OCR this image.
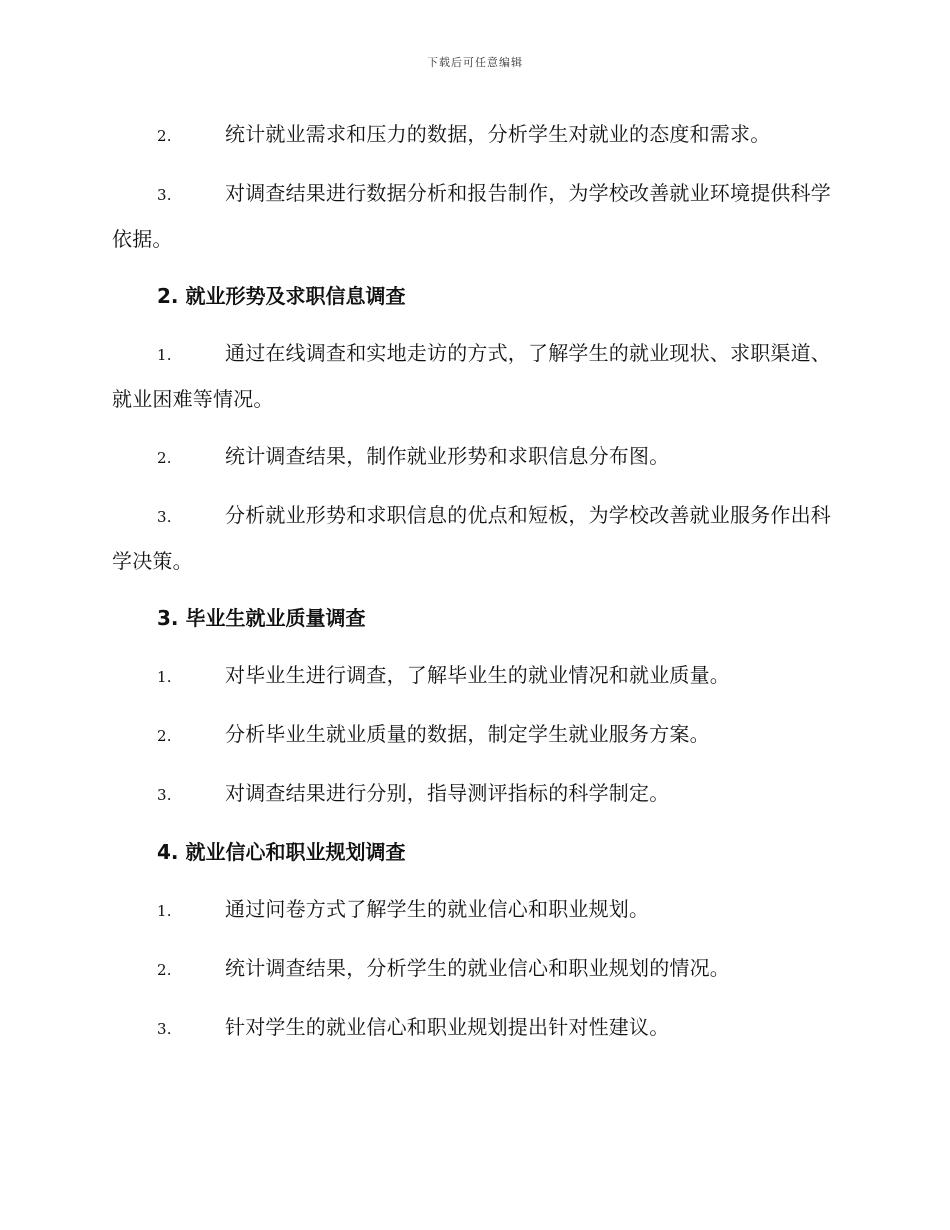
下载后可任意编辑

2.	统计就业需求和压力的数据，分析学生对就业的态度和需求。

3.	对调查结果进行数据分析和报告制作，为学校改善就业环境提供科学依据。

2. 就业形势及求职信息调查

1.	通过在线调查和实地走访的方式，了解学生的就业现状、求职渠道、就业困难等情况。

2.	统计调查结果，制作就业形势和求职信息分布图。

3.	分析就业形势和求职信息的优点和短板，为学校改善就业服务作出科学决策。

3. 毕业生就业质量调查

1.	对毕业生进行调查，了解毕业生的就业情况和就业质量。

2.	分析毕业生就业质量的数据，制定学生就业服务方案。

3.	对调查结果进行分别，指导测评指标的科学制定。

4. 就业信心和职业规划调查

1.	通过问卷方式了解学生的就业信心和职业规划。

2.	统计调查结果，分析学生的就业信心和职业规划的情况。

3.	针对学生的就业信心和职业规划提出针对性建议。
